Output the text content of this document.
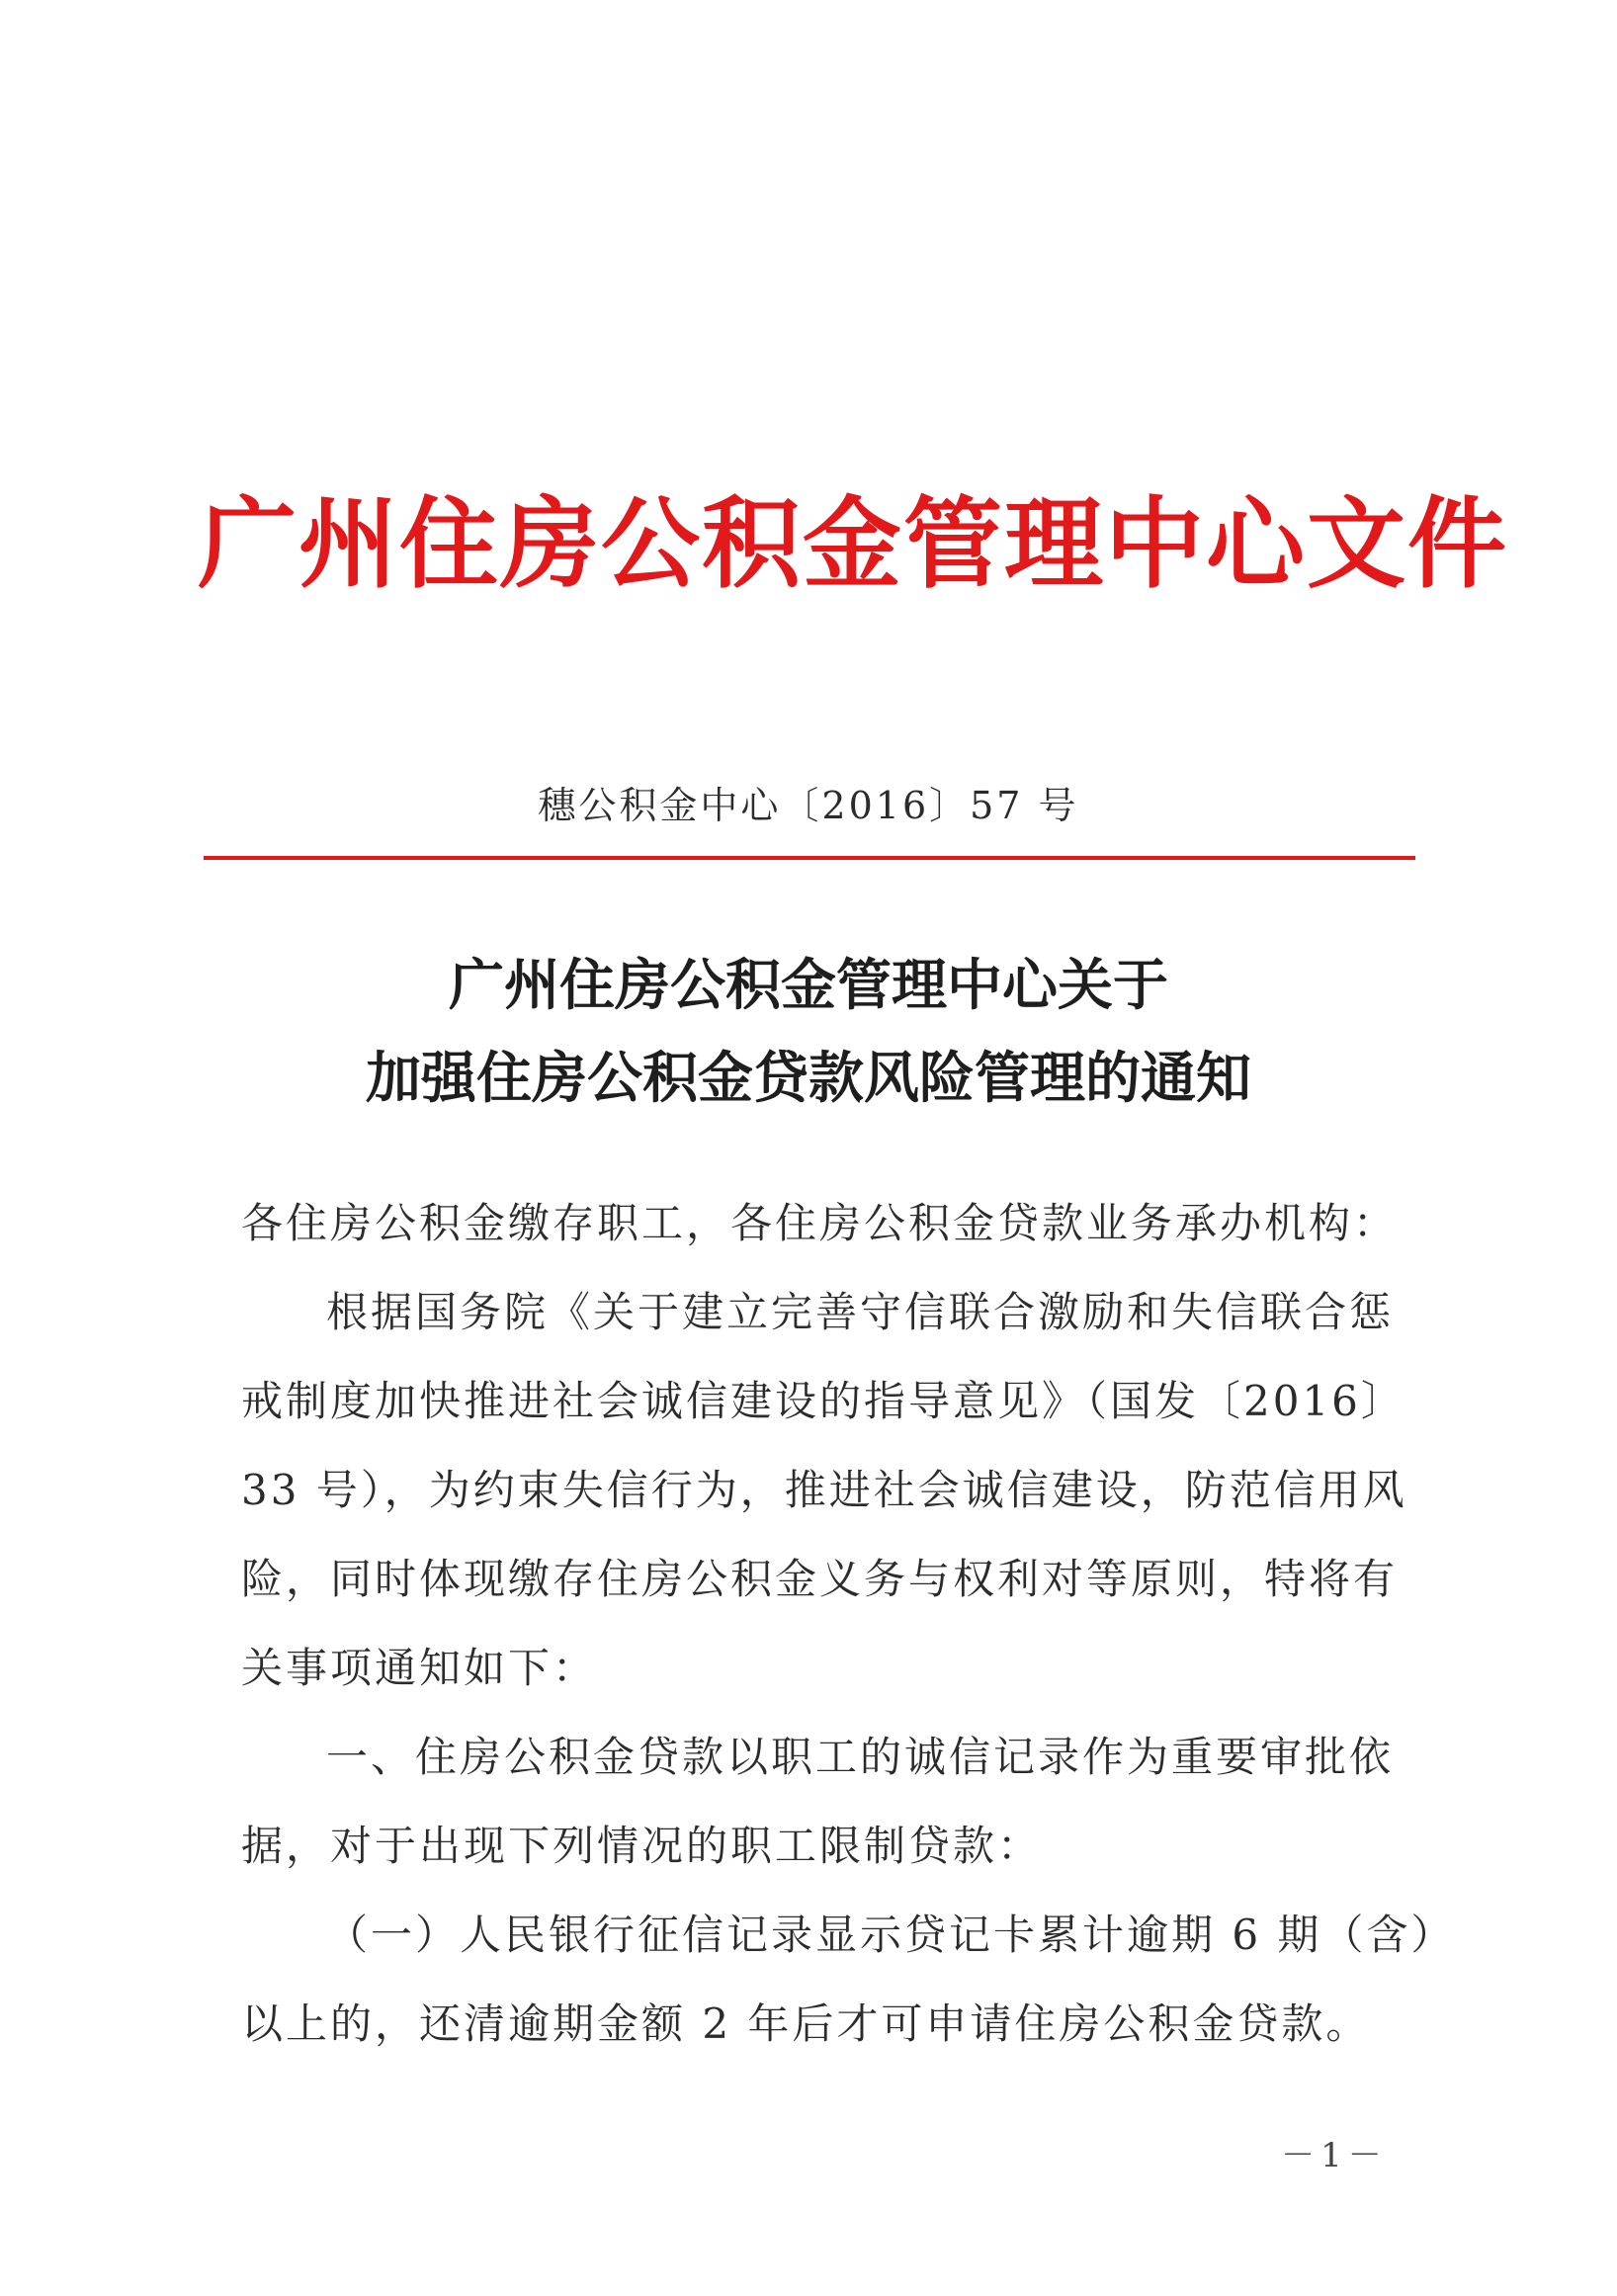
广州住房公积金管理中心文件
穗公积金中心〔2016〕57 号
广州住房公积金管理中心关于
加强住房公积金贷款风险管理的通知
各住房公积金缴存职工，各住房公积金贷款业务承办机构：
根据国务院《关于建立完善守信联合激励和失信联合惩
戒制度加快推进社会诚信建设的指导意见》（国发〔2016〕
33 号），为约束失信行为，推进社会诚信建设，防范信用风
险，同时体现缴存住房公积金义务与权利对等原则，特将有
关事项通知如下：
一、住房公积金贷款以职工的诚信记录作为重要审批依
据，对于出现下列情况的职工限制贷款：
（一）人民银行征信记录显示贷记卡累计逾期 6 期（含）
以上的，还清逾期金额 2 年后才可申请住房公积金贷款。
－1－
